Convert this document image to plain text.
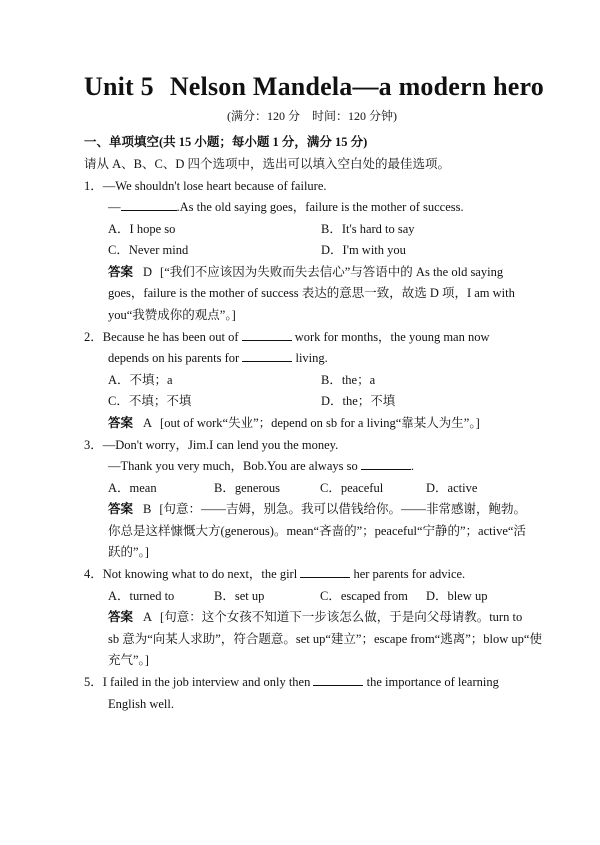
Unit 5 Nelson Mandela—a modern hero
(满分：120 分　时间：120 分钟)
一、单项填空(共 15 小题；每小题 1 分，满分 15 分)
请从 A、B、C、D 四个选项中，选出可以填入空白处的最佳选项。
1．—We shouldn't lose heart because of failure.
—	.As the old saying goes，failure is the mother of success.
A．I hope so	B．It's hard to say
C．Never mind	D．I'm with you
答案 D [“我们不应该因为失败而失去信心”与答语中的 As the old saying
goes，failure is the mother of success 表达的意思一致，故选 D 项，I am with
you“我赞成你的观点”。]
2．Because he has been out of	work for months，the young man now
depends on his parents for	living.
A．不填；a	B．the；a
C．不填；不填	D．the；不填
答案 A [out of work“失业”；depend on sb for a living“靠某人为生”。]
3．—Don't worry，Jim.I can lend you the money.
—Thank you very much，Bob.You are always so	.
A．mean	B．generous	C．peaceful	D．active
答案 B [句意：——吉姆，别急。我可以借钱给你。——非常感谢，鲍勃。
你总是这样慷慨大方(generous)。mean“吝啬的”；peaceful“宁静的”；active“活
跃的”。]
4．Not knowing what to do next，the girl	her parents for advice.
A．turned to	B．set up	C．escaped from	D．blew up
答案 A [句意：这个女孩不知道下一步该怎么做，于是向父母请教。turn to
sb 意为“向某人求助”，符合题意。set up“建立”；escape from“逃离”；blow up“使
充气”。]
5．I failed in the job interview and only then	the importance of learning
English well.
